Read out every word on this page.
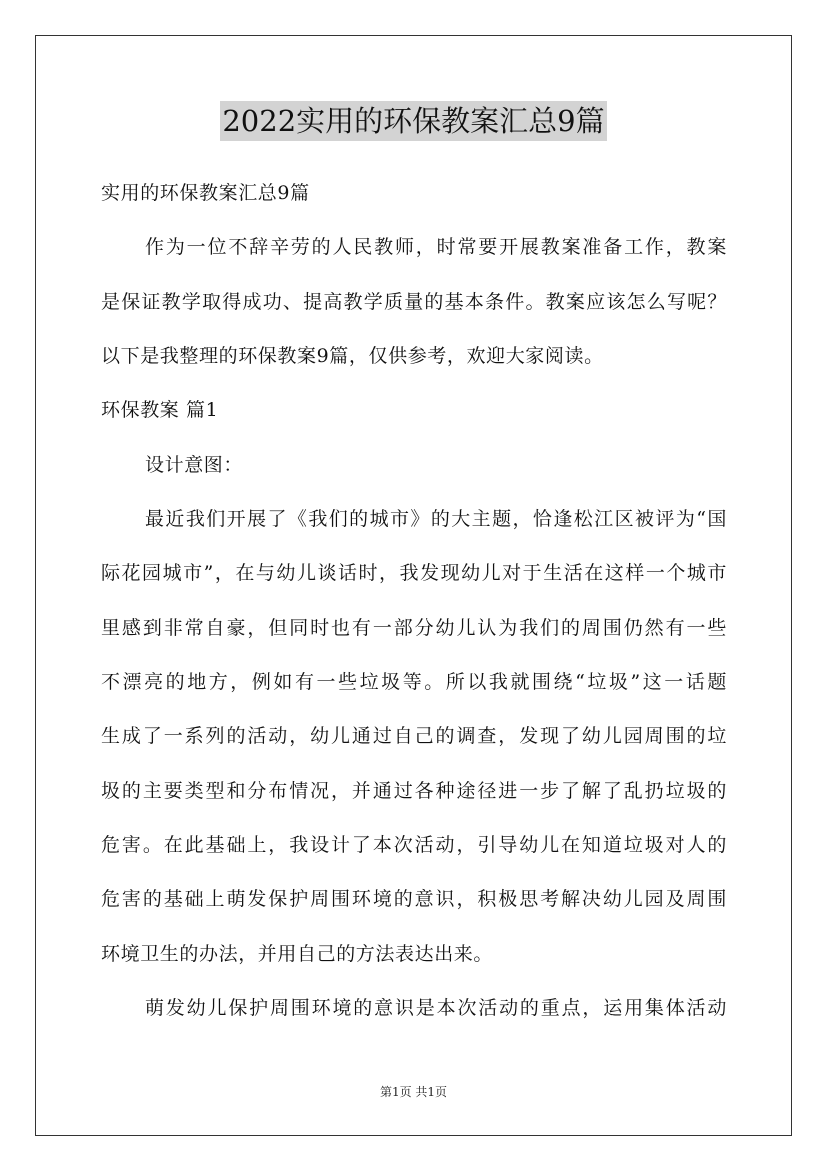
2022实用的环保教案汇总9篇
实用的环保教案汇总9篇
作为一位不辞辛劳的人民教师，时常要开展教案准备工作，教案
是保证教学取得成功、提高教学质量的基本条件。教案应该怎么写呢？
以下是我整理的环保教案9篇，仅供参考，欢迎大家阅读。
环保教案 篇1
设计意图：
最近我们开展了《我们的城市》的大主题，恰逢松江区被评为“国
际花园城市”，在与幼儿谈话时，我发现幼儿对于生活在这样一个城市
里感到非常自豪，但同时也有一部分幼儿认为我们的周围仍然有一些
不漂亮的地方，例如有一些垃圾等。所以我就围绕“垃圾”这一话题
生成了一系列的活动，幼儿通过自己的调查，发现了幼儿园周围的垃
圾的主要类型和分布情况，并通过各种途径进一步了解了乱扔垃圾的
危害。在此基础上，我设计了本次活动，引导幼儿在知道垃圾对人的
危害的基础上萌发保护周围环境的意识，积极思考解决幼儿园及周围
环境卫生的办法，并用自己的方法表达出来。
萌发幼儿保护周围环境的意识是本次活动的重点，运用集体活动
第1页 共1页
